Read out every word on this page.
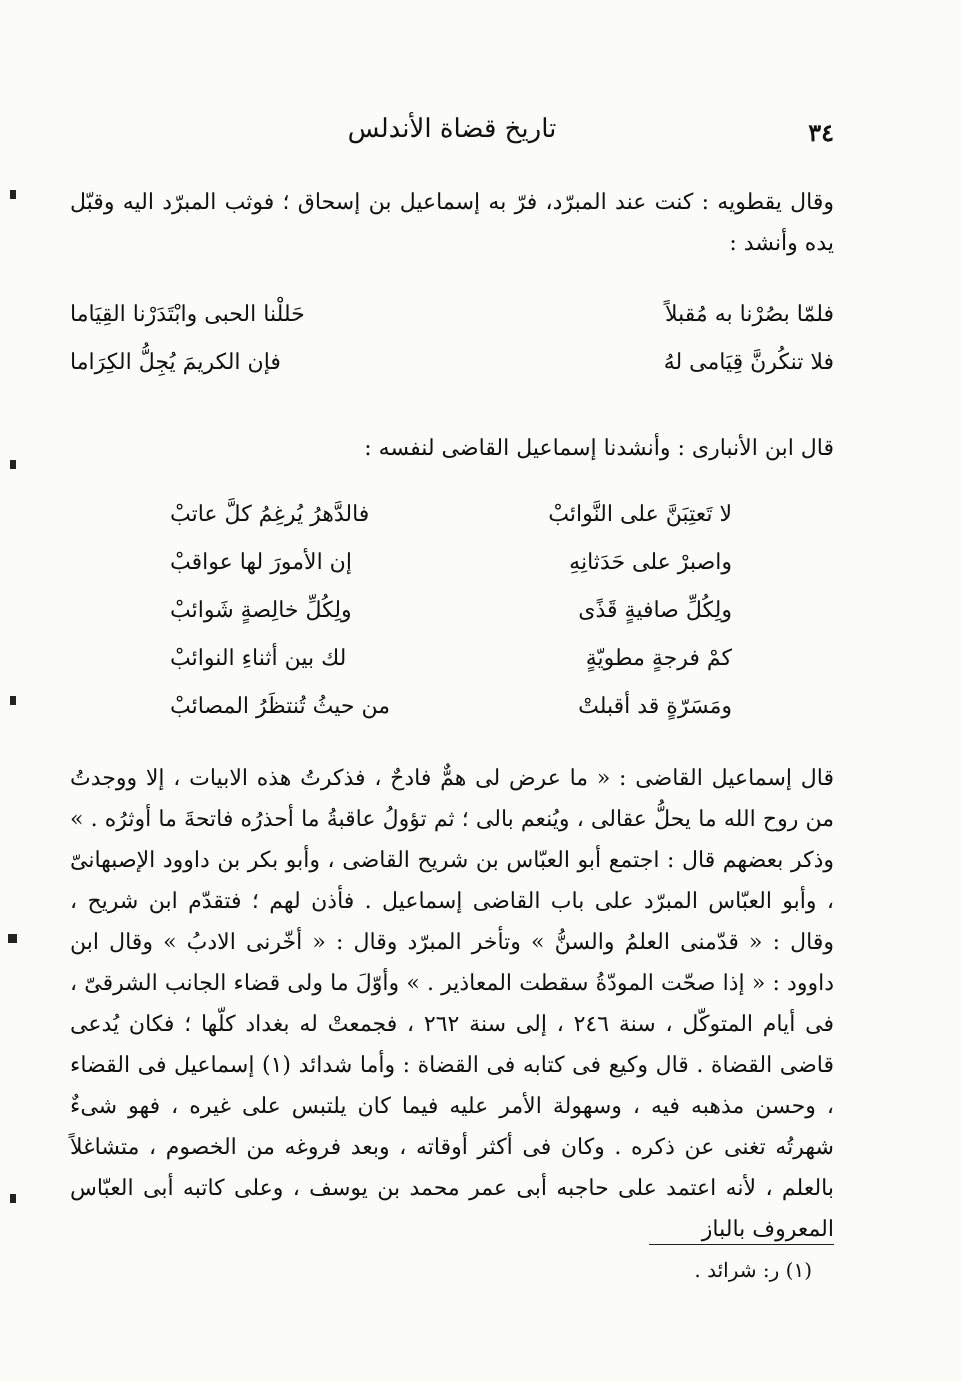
٣٤
تاريخ قضاة الأندلس

وقال يقطويه : كنت عند المبرّد، فرّ به إسماعيل بن إسحاق ؛ فوثب المبرّد اليه وقبّل يده وأنشد :

فلمّا بصُرْنا به مُقبلاً
حَللْنا الحبى وابْتَدَرْنا القِيَاما
فلا تنكُرنَّ قِيَامى لهُ
فإن الكريمَ يُجِلُّ الكِرَاما
قال ابن الأنبارى : وأنشدنا إسماعيل القاضى لنفسه :
لا تَعتِبَنَّ على النَّوائبْ
فالدَّهرُ يُرغِمُ كلَّ عاتبْ
واصبرْ على حَدَثانِهِ
إن الأمورَ لها عواقبْ
ولِكُلِّ صافيةٍ قَذًى
ولِكُلِّ خالِصةٍ شَوائبْ
كمْ فرجةٍ مطويّةٍ
لك بين أثناءِ النوائبْ
ومَسَرّةٍ قد أقبلتْ
من حيثُ تُنتظَرُ المصائبْ

قال إسماعيل القاضى : « ما عرض لى همٌّ فادحٌ ، فذكرتُ هذه الابيات ، إلا ووجدتُ من روح الله ما يحلُّ عقالى ، ويُنعم بالى ؛ ثم تؤولُ عاقبةُ ما أحذرُه فاتحةَ ما أوثرُه . » وذكر بعضهم قال : اجتمع أبو العبّاس بن شريح القاضى ، وأبو بكر بن داوود الإصبهانىّ ، وأبو العبّاس المبرّد على باب القاضى إسماعيل . فأذن لهم ؛ فتقدّم ابن شريح ، وقال : « قدّمنى العلمُ والسنُّ » وتأخر المبرّد وقال : « أخّرنى الادبُ » وقال ابن داوود : « إذا صحّت المودّةُ سقطت المعاذير . » وأوّلَ ما ولى قضاء الجانب الشرقىّ ، فى أيام المتوكّل ، سنة ٢٤٦ ، إلى سنة ٢٦٢ ، فجمعتْ له بغداد كلّها ؛ فكان يُدعى قاضى القضاة . قال وكيع فى كتابه فى القضاة : وأما شدائد (١) إسماعيل فى القضاء ، وحسن مذهبه فيه ، وسهولة الأمر عليه فيما كان يلتبس على غيره ، فهو شىءٌ شهرتُه تغنى عن ذكره . وكان فى أكثر أوقاته ، وبعد فروغه من الخصوم ، متشاغلاً بالعلم ، لأنه اعتمد على حاجبه أبى عمر محمد بن يوسف ، وعلى كاتبه أبى العبّاس المعروف بالباز

(١) ر: شرائد .
